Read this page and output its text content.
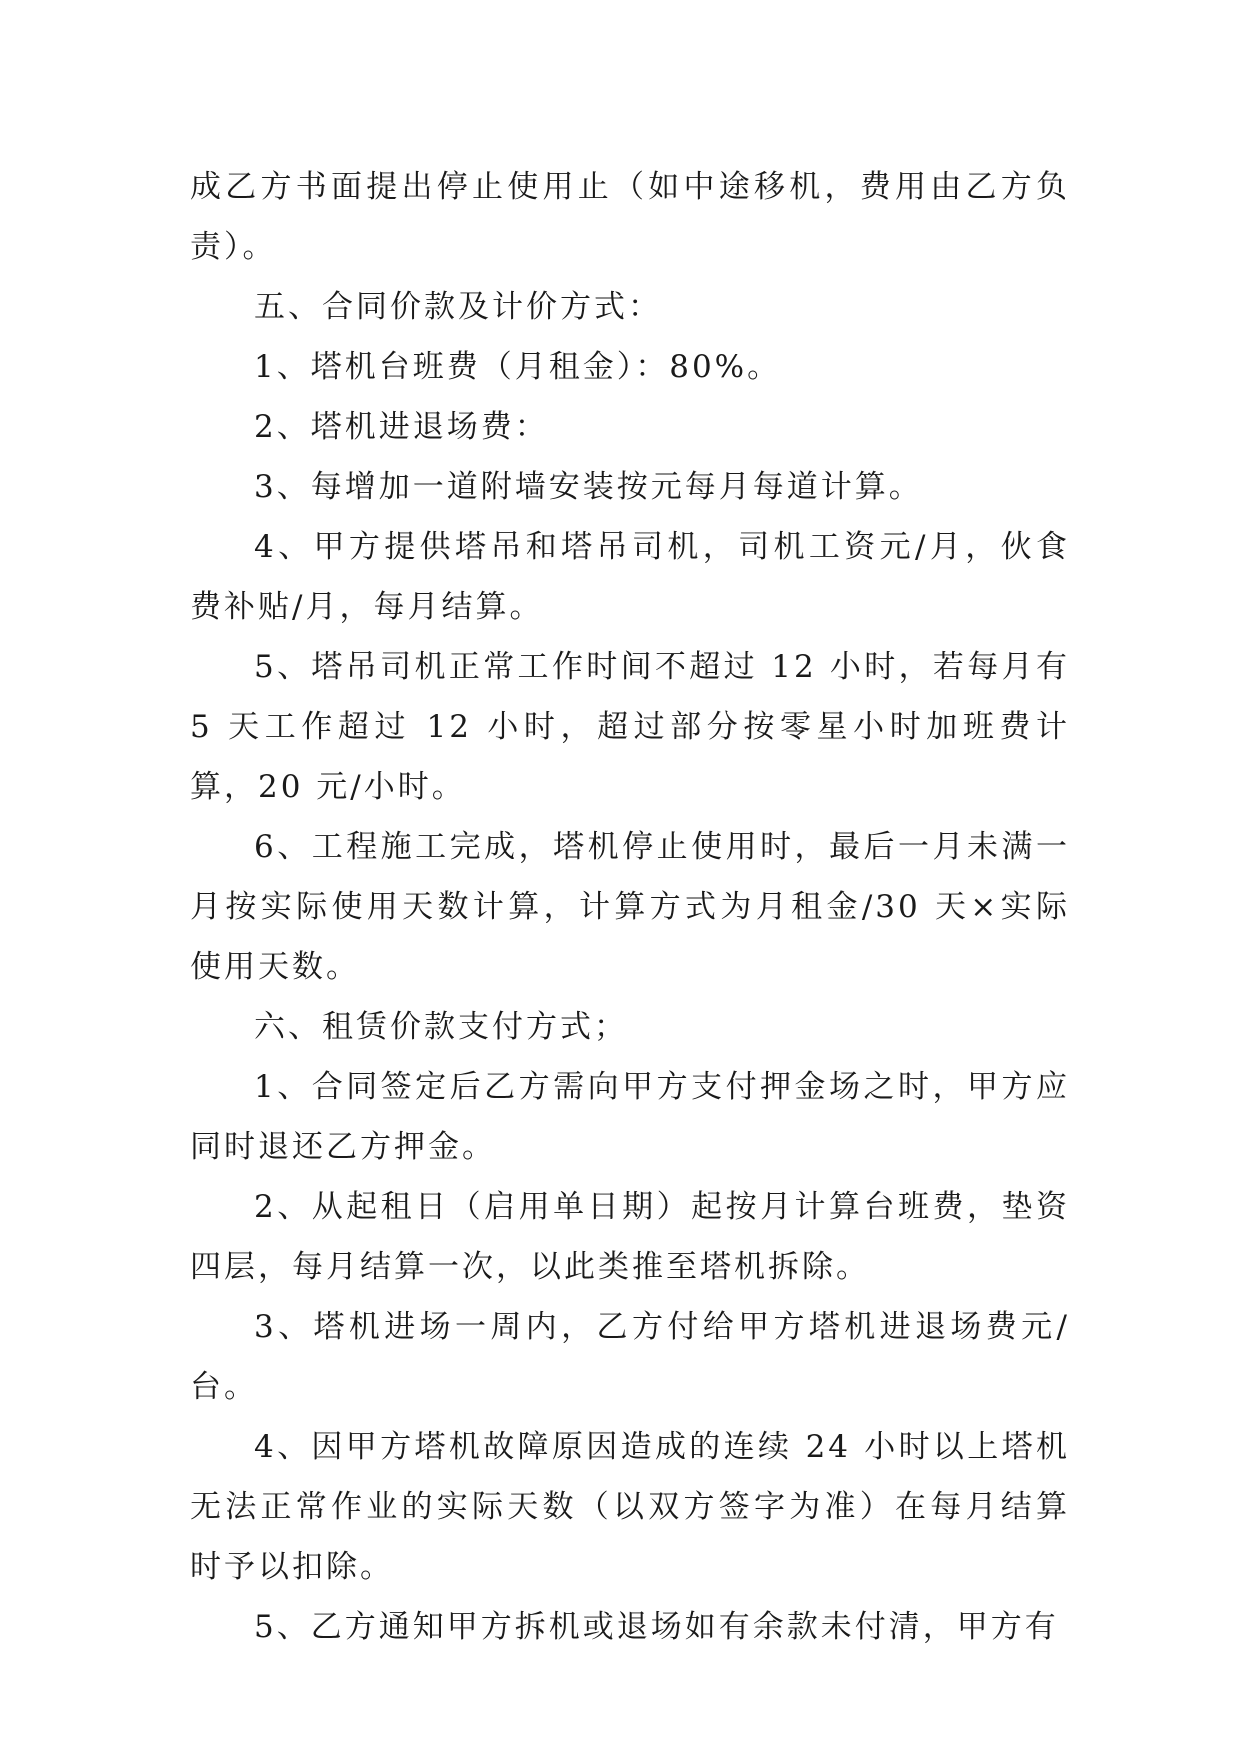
成乙方书面提出停止使用止（如中途移机，费用由乙方负责）。

五、合同价款及计价方式：

1、塔机台班费（月租金）：80%。

2、塔机进退场费：

3、每增加一道附墙安装按元每月每道计算。

4、甲方提供塔吊和塔吊司机，司机工资元/月，伙食费补贴/月，每月结算。

5、塔吊司机正常工作时间不超过 12 小时，若每月有 5 天工作超过 12 小时，超过部分按零星小时加班费计算，20 元/小时。

6、工程施工完成，塔机停止使用时，最后一月未满一月按实际使用天数计算，计算方式为月租金/30 天×实际使用天数。

六、租赁价款支付方式；

1、合同签定后乙方需向甲方支付押金场之时，甲方应同时退还乙方押金。

2、从起租日（启用单日期）起按月计算台班费，垫资四层，每月结算一次，以此类推至塔机拆除。

3、塔机进场一周内，乙方付给甲方塔机进退场费元/台。

4、因甲方塔机故障原因造成的连续 24 小时以上塔机无法正常作业的实际天数（以双方签字为准）在每月结算时予以扣除。

5、乙方通知甲方拆机或退场如有余款未付清，甲方有
